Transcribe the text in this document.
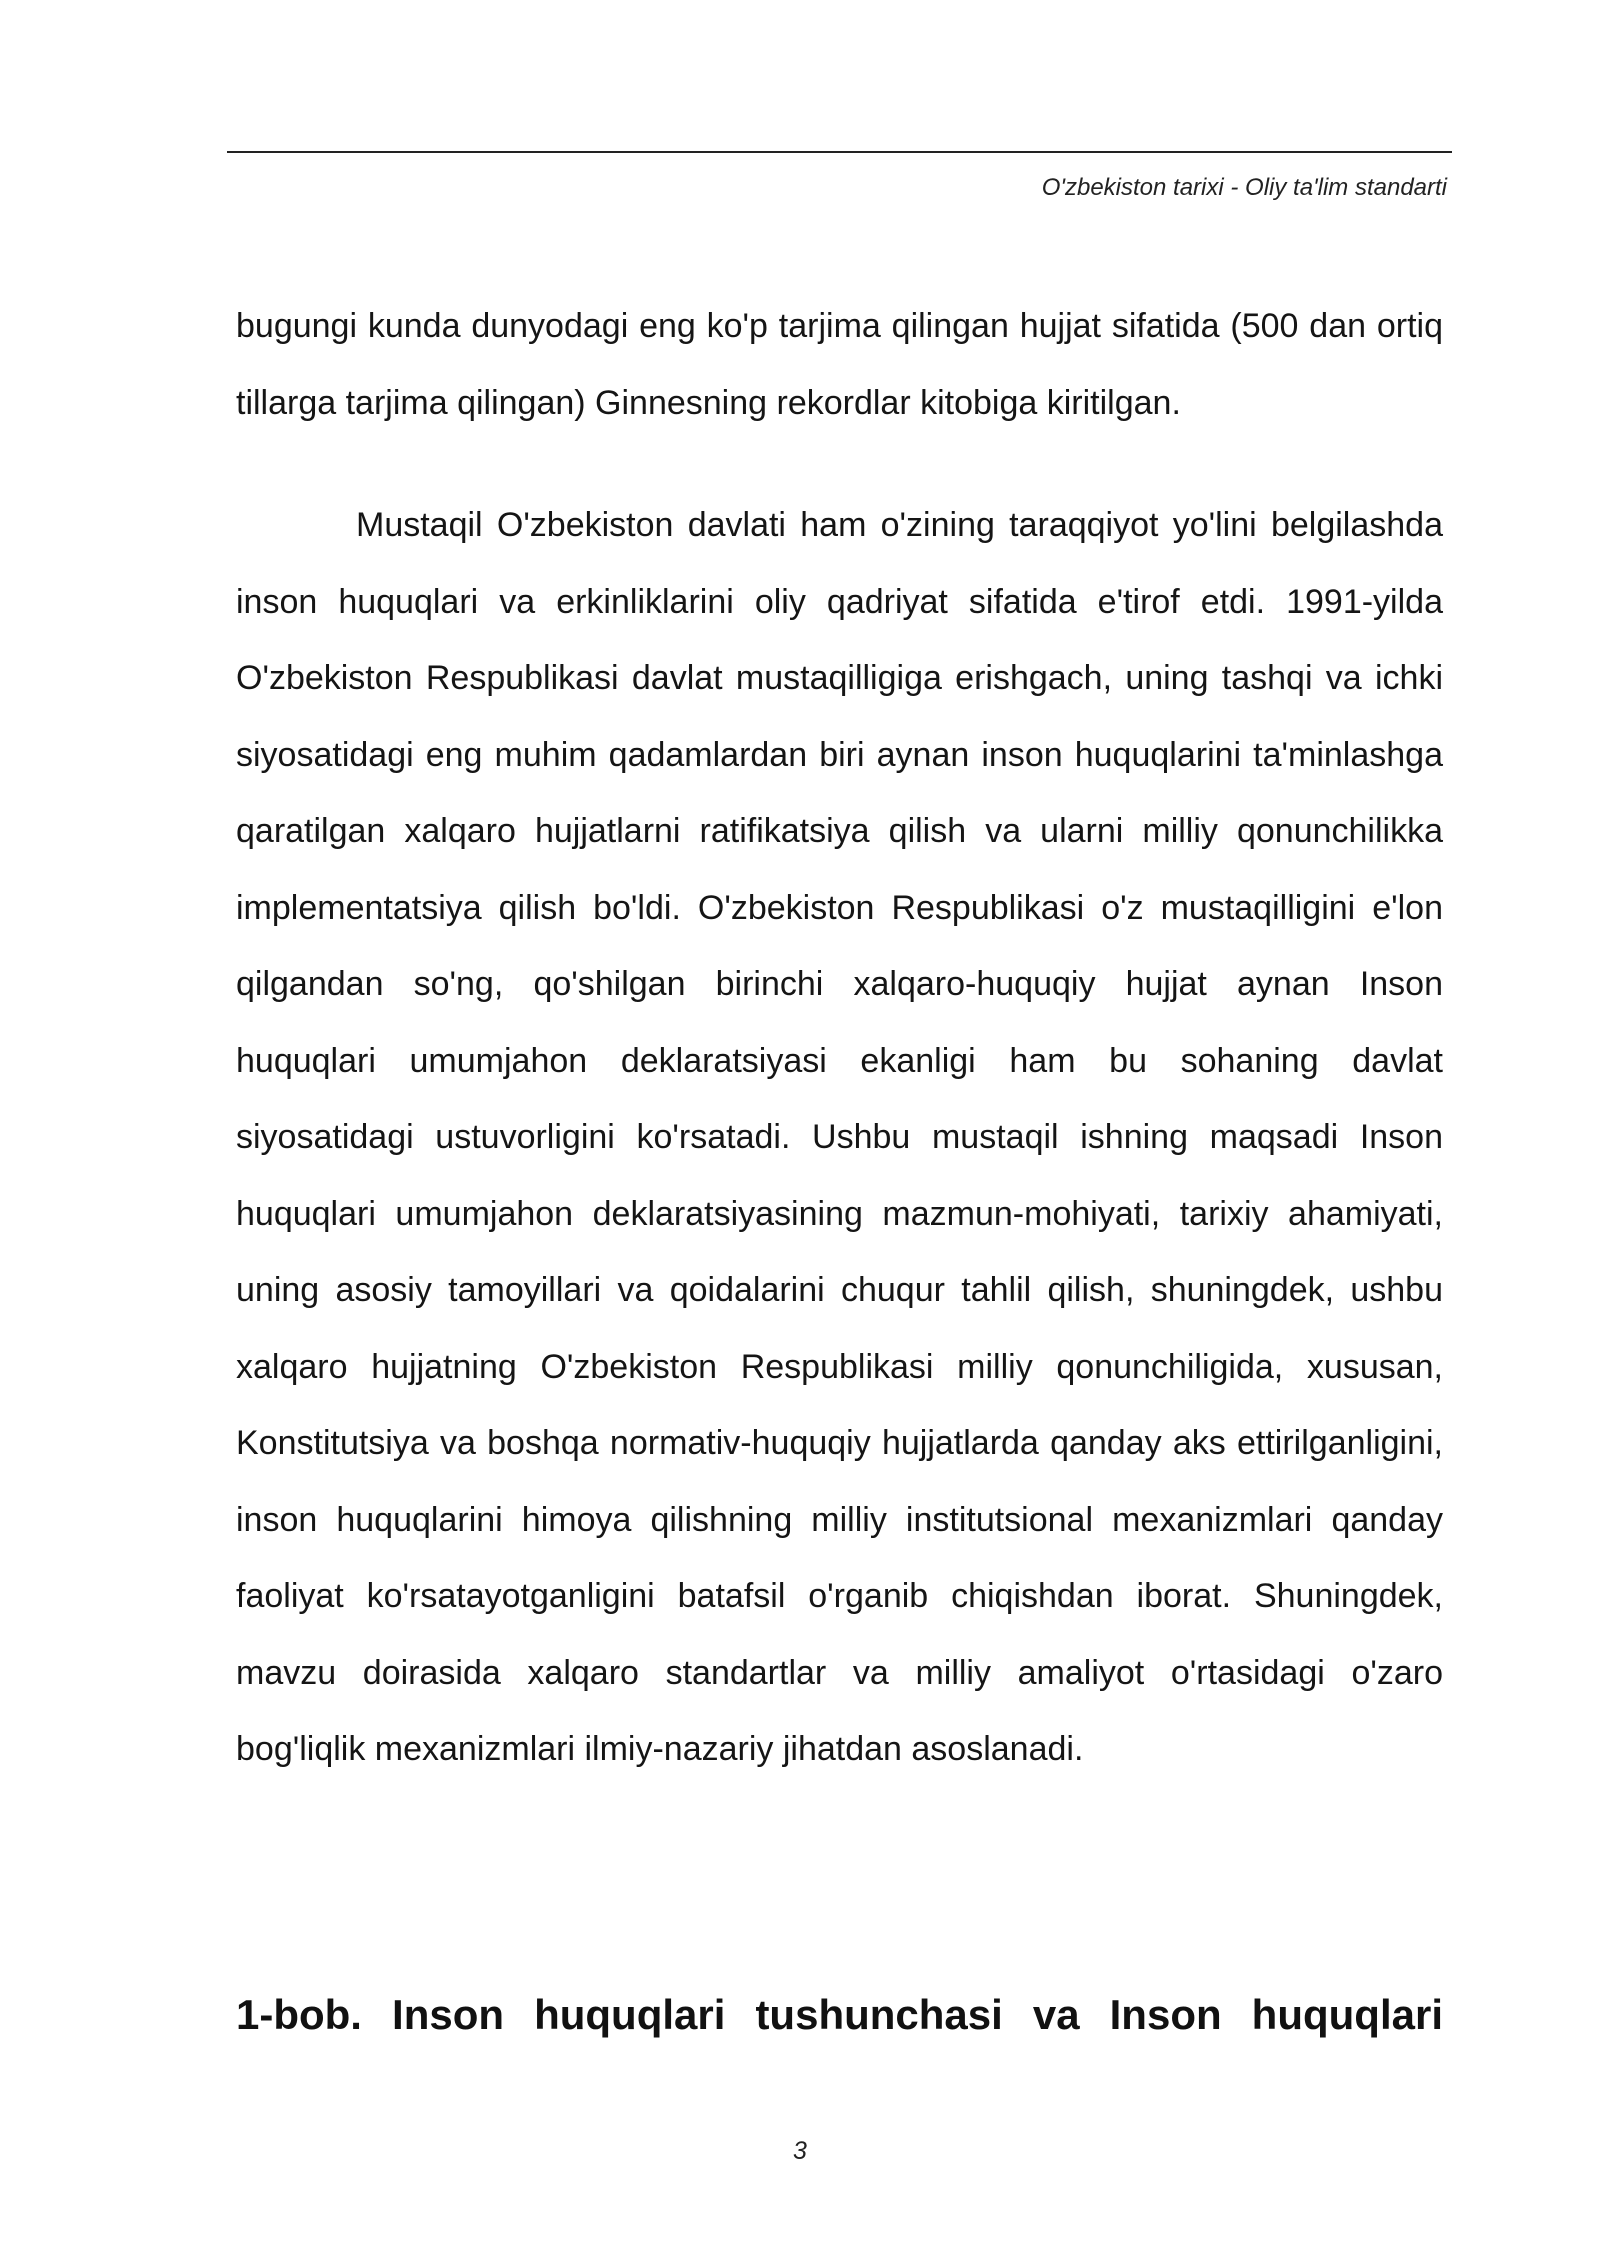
O'zbekiston tarixi - Oliy ta'lim standarti

bugungi kunda dunyodagi eng ko'p tarjima qilingan hujjat sifatida (500 dan ortiq tillarga tarjima qilingan) Ginnesning rekordlar kitobiga kiritilgan.

Mustaqil O'zbekiston davlati ham o'zining taraqqiyot yo'lini belgilashda inson huquqlari va erkinliklarini oliy qadriyat sifatida e'tirof etdi. 1991-yilda O'zbekiston Respublikasi davlat mustaqilligiga erishgach, uning tashqi va ichki siyosatidagi eng muhim qadamlardan biri aynan inson huquqlarini ta'minlashga qaratilgan xalqaro hujjatlarni ratifikatsiya qilish va ularni milliy qonunchilikka implementatsiya qilish bo'ldi. O'zbekiston Respublikasi o'z mustaqilligini e'lon qilgandan so'ng, qo'shilgan birinchi xalqaro-huquqiy hujjat aynan Inson huquqlari umumjahon deklaratsiyasi ekanligi ham bu sohaning davlat siyosatidagi ustuvorligini ko'rsatadi. Ushbu mustaqil ishning maqsadi Inson huquqlari umumjahon deklaratsiyasining mazmun-mohiyati, tarixiy ahamiyati, uning asosiy tamoyillari va qoidalarini chuqur tahlil qilish, shuningdek, ushbu xalqaro hujjatning O'zbekiston Respublikasi milliy qonunchiligida, xususan, Konstitutsiya va boshqa normativ-huquqiy hujjatlarda qanday aks ettirilganligini, inson huquqlarini himoya qilishning milliy institutsional mexanizmlari qanday faoliyat ko'rsatayotganligini batafsil o'rganib chiqishdan iborat. Shuningdek, mavzu doirasida xalqaro standartlar va milliy amaliyot o'rtasidagi o'zaro bog'liqlik mexanizmlari ilmiy-nazariy jihatdan asoslanadi.

1-bob. Inson huquqlari tushunchasi va Inson huquqlari
3
